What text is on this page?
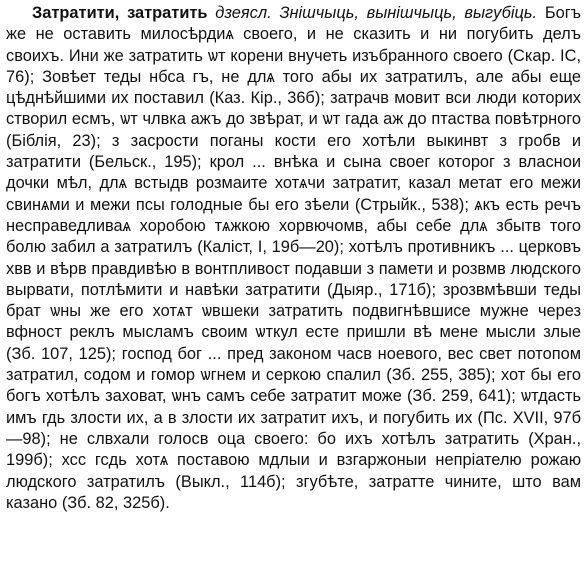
Затратити, затратить дзеясл. Знішчыць, вынішчыць, выгубіць. Богъ же не оставить милосѣрдиѧ своего, и не сказить и ни погубить делъ своихъ. Ини же затратить ѡт корени внучеть изъбранного своего (Скар. IС, 76); Зовѣет теды нбса гъ, не длѧ того абы их затратилъ, але абы еще цѣднѣйшими их поставил (Каз. Кір., 36б); затрачв мовит вси люди которих створил есмъ, ѡт члвка ажъ до звѣрат, и ѡт гада аж до птаства повѣтрного (Біблія, 23); з засрости поганы кости его хотѣли выкинвт з гробв и затратити (Бельск., 195); крол ... внѣка и сына своег которог з власнои дочки мѣл, длѧ встыдв розмаите хотѧчи затратит, казал метат его межи свинѧми и межи псы голодные бы его зѣели (Стрыйк., 538); ѧкъ есть речъ несправедливаѧ хоробою тѧжкою хорвючомв, абы себе длѧ збытв того болю забил а затратилъ (Каліст, І, 19б—20); хотѣлъ противникъ ... церковъ хвв и вѣрв правдивѣю в вонтпливост подавши з памети и розвмв людского вырвати, потлѣмити и навѣки затратити (Дыяр., 171б); зрозвмѣвши теды брат ѡны же его хотѧт ѡвшеки затратить подвигнѣвшисе мужне через вфност реклъ мысламъ своим ѡткул есте пришли вѣ мене мысли злые (Зб. 107, 125); господ бог ... пред законом часв ноевого, вес свет потопом затратил, содом и гомор ѡгнем и серкою спалил (Зб. 255, 385); хот бы его богъ хотѣлъ заховат, ѡнъ самъ себе затратит може (Зб. 259, 641); ѡтдасть имъ гдь злости их, а в злости их затратит ихъ, и погубить их (Пс. XVII, 97б—98); не слвхали голосв оца своего: бо ихъ хотѣлъ затратить (Хран., 199б); хсс гсдь хотѧ поставою мдлыи и взгаржоныи непріателю рожаю людского затратилъ (Выкл., 114б); згубѣте, затратте чините, што вам казано (Зб. 82, 325б).
